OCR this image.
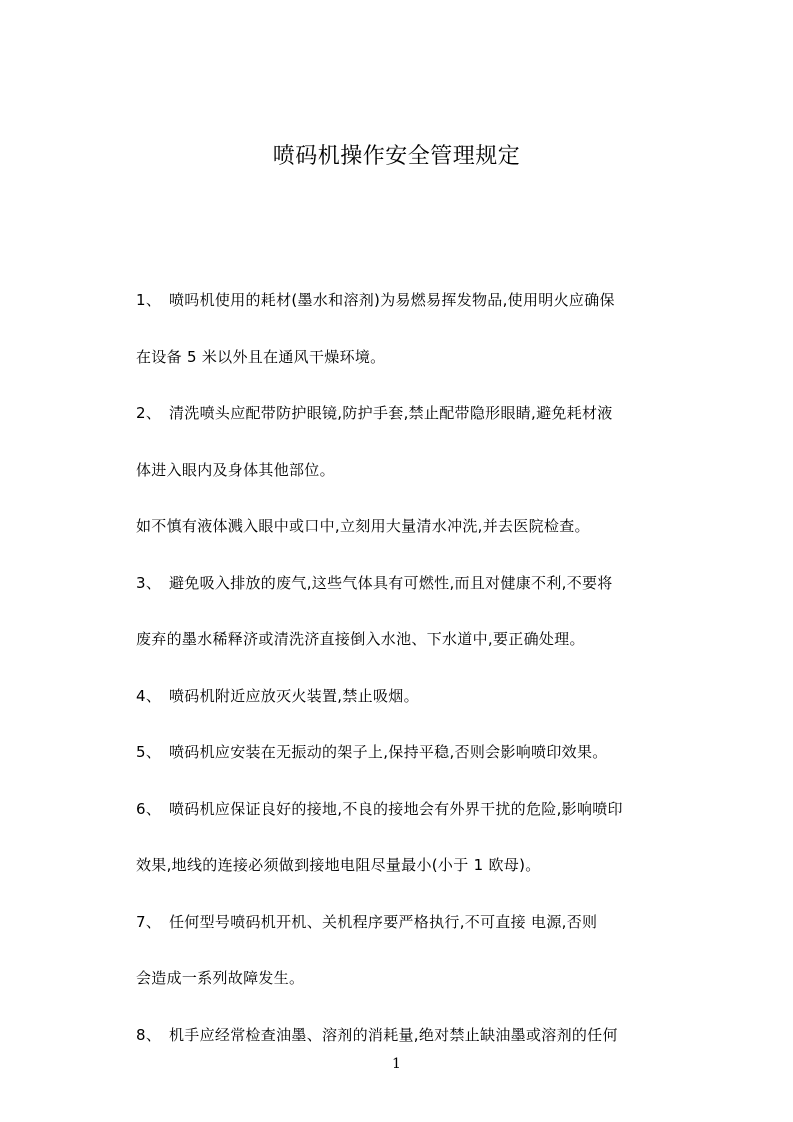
喷码机操作安全管理规定
1、 喷吗机使用的耗材(墨水和溶剂)为易燃易挥发物品,使用明火应确保
在设备 5 米以外且在通风干燥环境。
2、 清洗喷头应配带防护眼镜,防护手套,禁止配带隐形眼睛,避免耗材液
体进入眼内及身体其他部位。
如不慎有液体溅入眼中或口中,立刻用大量清水冲洗,并去医院检查。
3、 避免吸入排放的废气,这些气体具有可燃性,而且对健康不利,不要将
废弃的墨水稀释济或清洗济直接倒入水池、下水道中,要正确处理。
4、 喷码机附近应放灭火装置,禁止吸烟。
5、 喷码机应安装在无振动的架子上,保持平稳,否则会影响喷印效果。
6、 喷码机应保证良好的接地,不良的接地会有外界干扰的危险,影响喷印
效果,地线的连接必须做到接地电阻尽量最小(小于 1 欧母)。
7、 任何型号喷码机开机、关机程序要严格执行,不可直接 电源,否则
会造成一系列故障发生。
8、 机手应经常检查油墨、溶剂的消耗量,绝对禁止缺油墨或溶剂的任何
1
